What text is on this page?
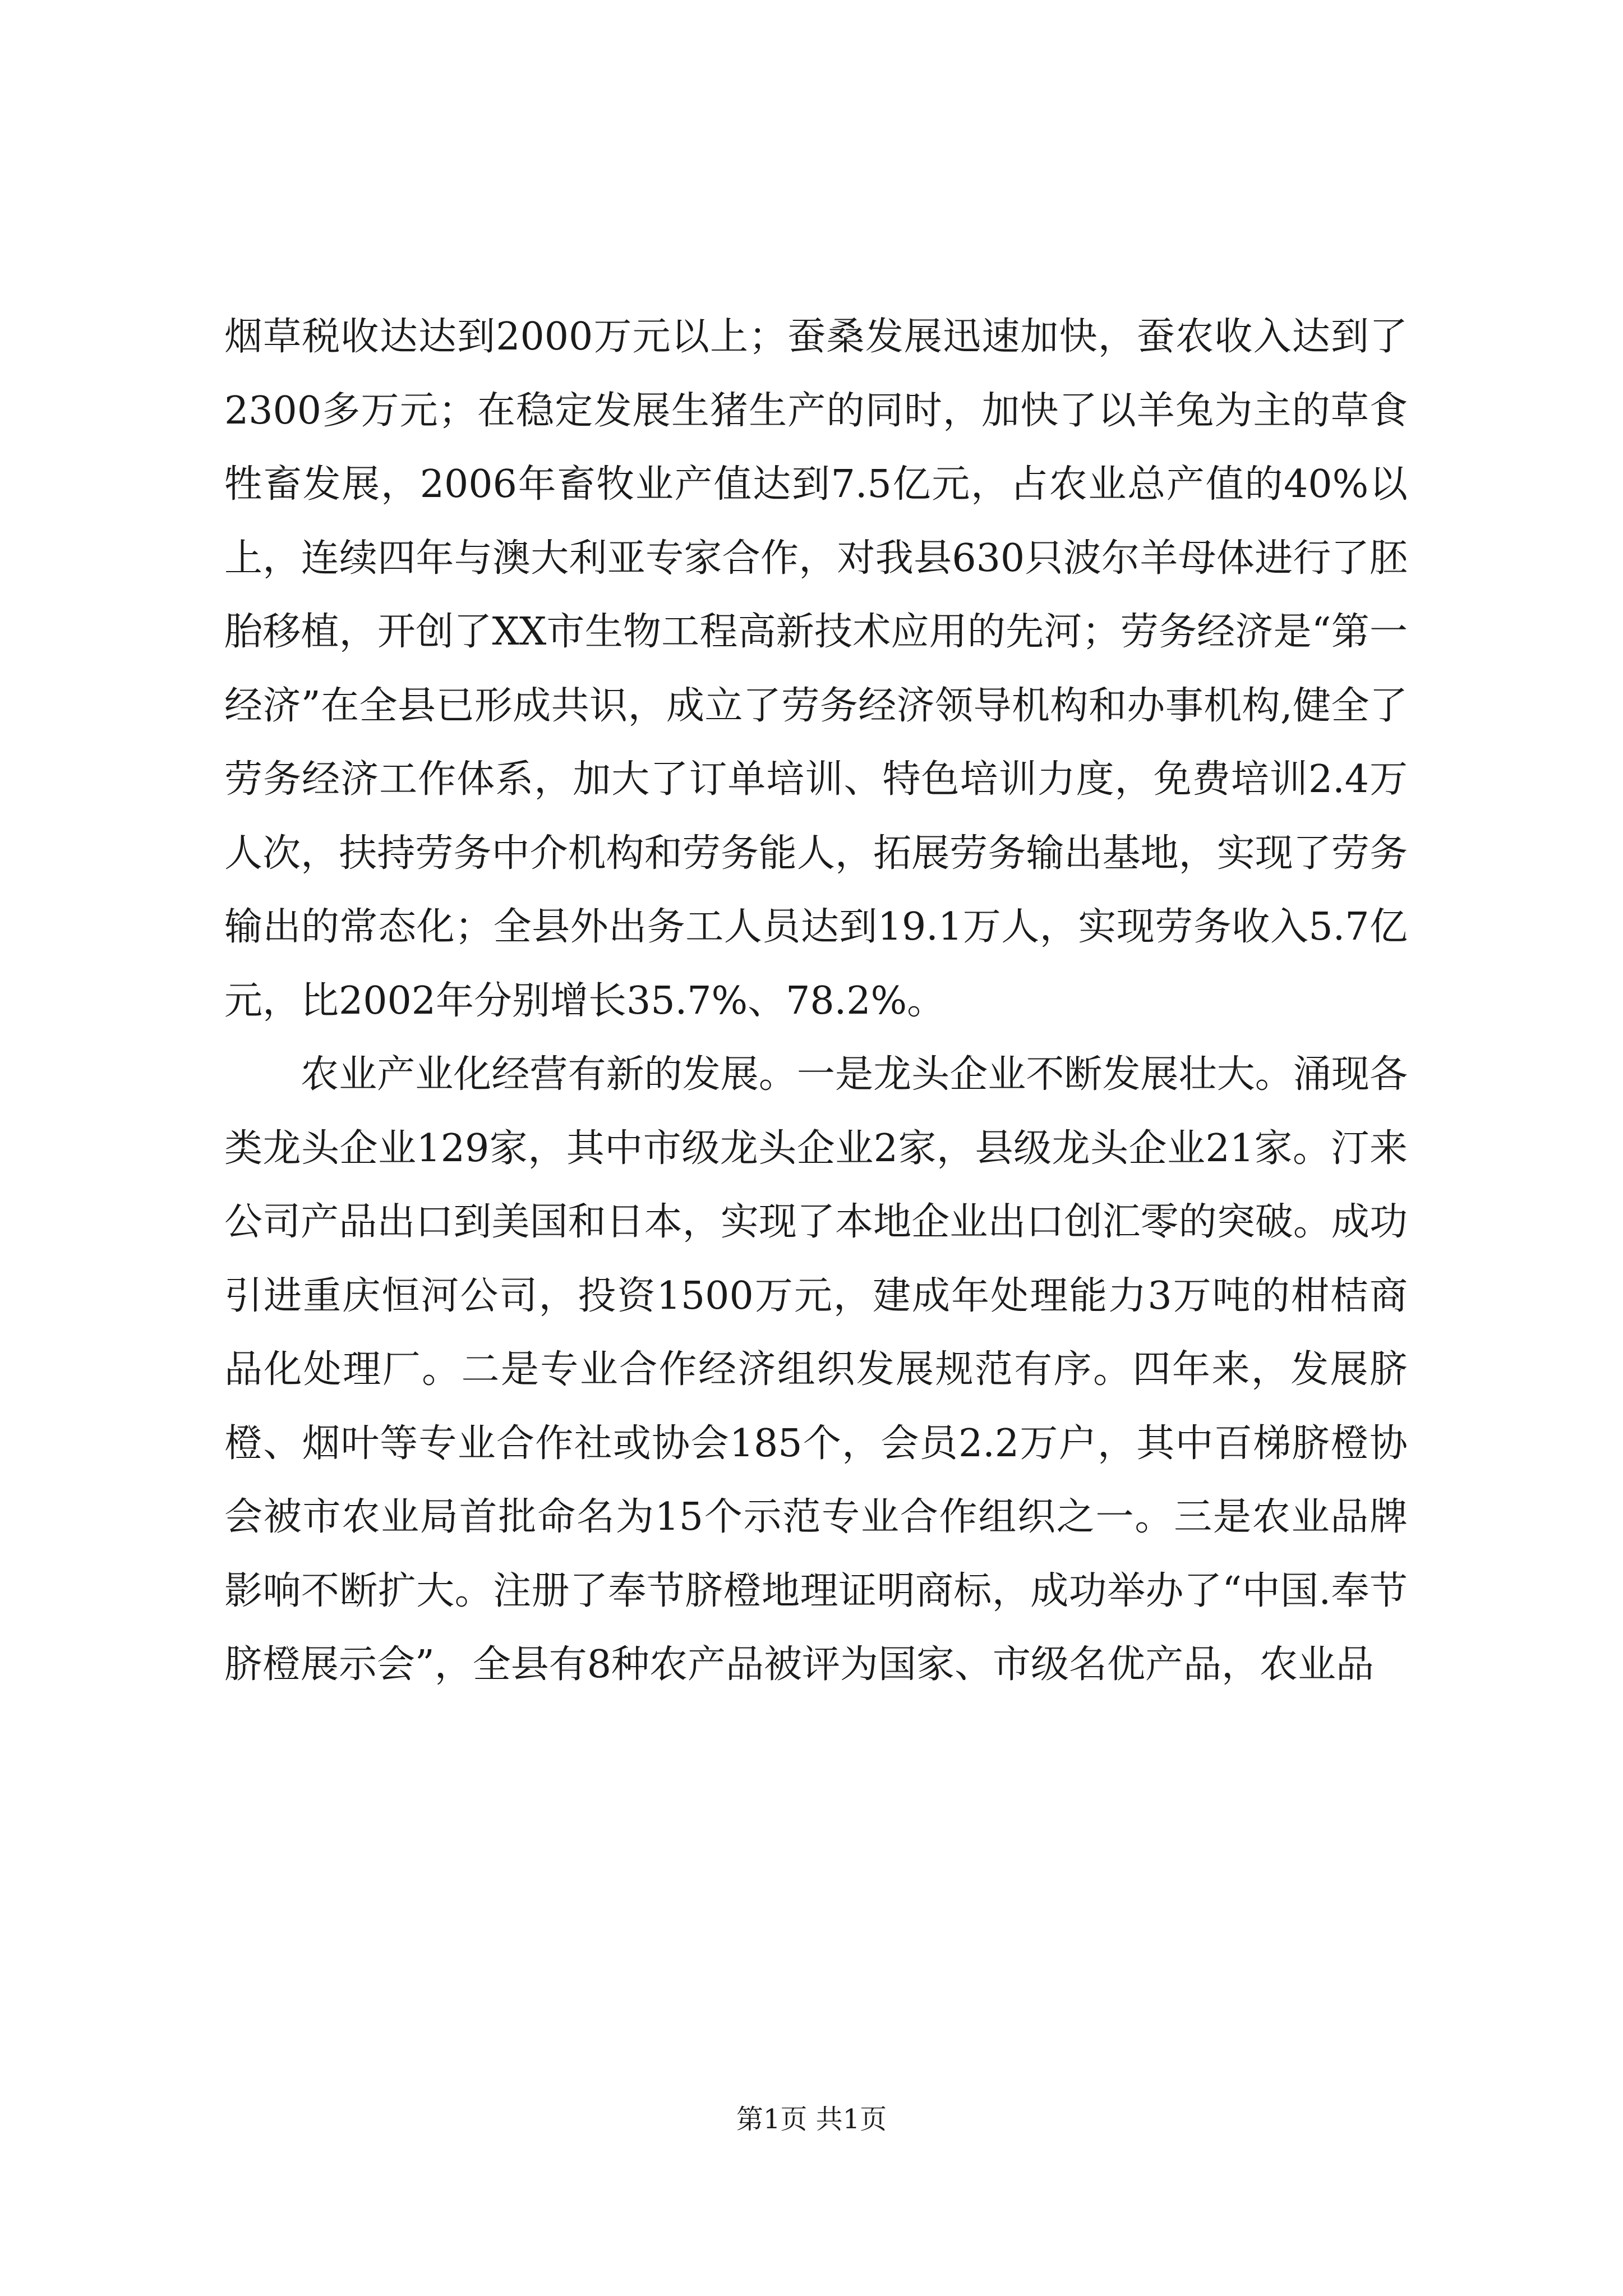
烟草税收达达到2000万元以上；蚕桑发展迅速加快，蚕农收入达到了2300多万元；在稳定发展生猪生产的同时，加快了以羊兔为主的草食牲畜发展，2006年畜牧业产值达到7.5亿元，占农业总产值的40%以上，连续四年与澳大利亚专家合作，对我县630只波尔羊母体进行了胚胎移植，开创了XX市生物工程高新技术应用的先河；劳务经济是“第一经济”在全县已形成共识，成立了劳务经济领导机构和办事机构,健全了劳务经济工作体系，加大了订单培训、特色培训力度，免费培训2.4万人次，扶持劳务中介机构和劳务能人，拓展劳务输出基地，实现了劳务输出的常态化；全县外出务工人员达到19.1万人，实现劳务收入5.7亿元，比2002年分别增长35.7%、78.2%。

农业产业化经营有新的发展。一是龙头企业不断发展壮大。涌现各类龙头企业129家，其中市级龙头企业2家，县级龙头企业21家。汀来公司产品出口到美国和日本，实现了本地企业出口创汇零的突破。成功引进重庆恒河公司，投资1500万元，建成年处理能力3万吨的柑桔商品化处理厂。二是专业合作经济组织发展规范有序。四年来，发展脐橙、烟叶等专业合作社或协会185个，会员2.2万户，其中百梯脐橙协会被市农业局首批命名为15个示范专业合作组织之一。三是农业品牌影响不断扩大。注册了奉节脐橙地理证明商标，成功举办了“中国.奉节脐橙展示会”，全县有8种农产品被评为国家、市级名优产品，农业品

第1页 共1页
